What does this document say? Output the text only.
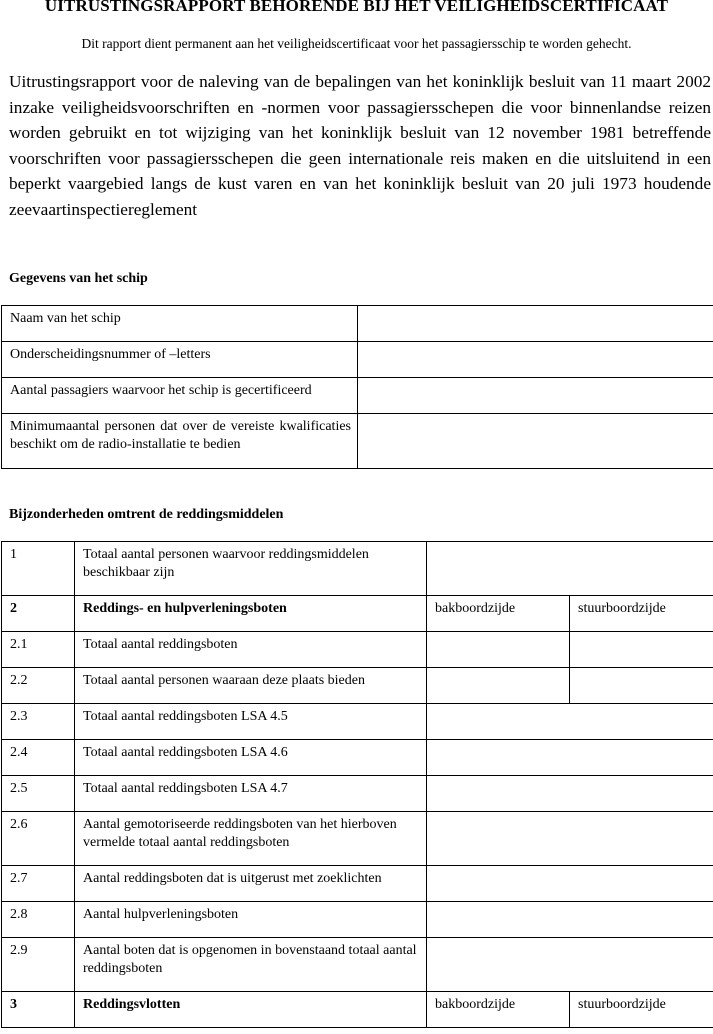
UITRUSTINGSRAPPORT BEHORENDE BIJ HET VEILIGHEIDSCERTIFICAAT
Dit rapport dient permanent aan het veiligheidscertificaat voor het passagiersschip te worden gehecht.
Uitrustingsrapport voor de naleving van de bepalingen van het koninklijk besluit van 11 maart 2002 inzake veiligheidsvoorschriften en -normen voor passagiersschepen die voor binnenlandse reizen worden gebruikt en tot wijziging van het koninklijk besluit van 12 november 1981 betreffende voorschriften voor passagiersschepen die geen internationale reis maken en die uitsluitend in een beperkt vaargebied langs de kust varen en van het koninklijk besluit van 20 juli 1973 houdende zeevaartinspectiereglement
Gegevens van het schip
Naam van het schip	
Onderscheidingsnummer of –letters	
Aantal passagiers waarvoor het schip is gecertificeerd	
Minimumaantal personen dat over de vereiste kwalificaties beschikt om de radio-installatie te bedien	
Bijzonderheden omtrent de reddingsmiddelen
1	Totaal aantal personen waarvoor reddingsmiddelen beschikbaar zijn		
2	Reddings- en hulpverleningsboten	bakboordzijde	stuurboordzijde
2.1	Totaal aantal reddingsboten		
2.2	Totaal aantal personen waaraan deze plaats bieden		
2.3	Totaal aantal reddingsboten LSA 4.5		
2.4	Totaal aantal reddingsboten LSA 4.6		
2.5	Totaal aantal reddingsboten LSA 4.7		
2.6	Aantal gemotoriseerde reddingsboten van het hierboven vermelde totaal aantal reddingsboten		
2.7	Aantal reddingsboten dat is uitgerust met zoeklichten		
2.8	Aantal hulpverleningsboten		
2.9	Aantal boten dat is opgenomen in bovenstaand totaal aantal reddingsboten		
3	Reddingsvlotten	bakboordzijde	stuurboordzijde
